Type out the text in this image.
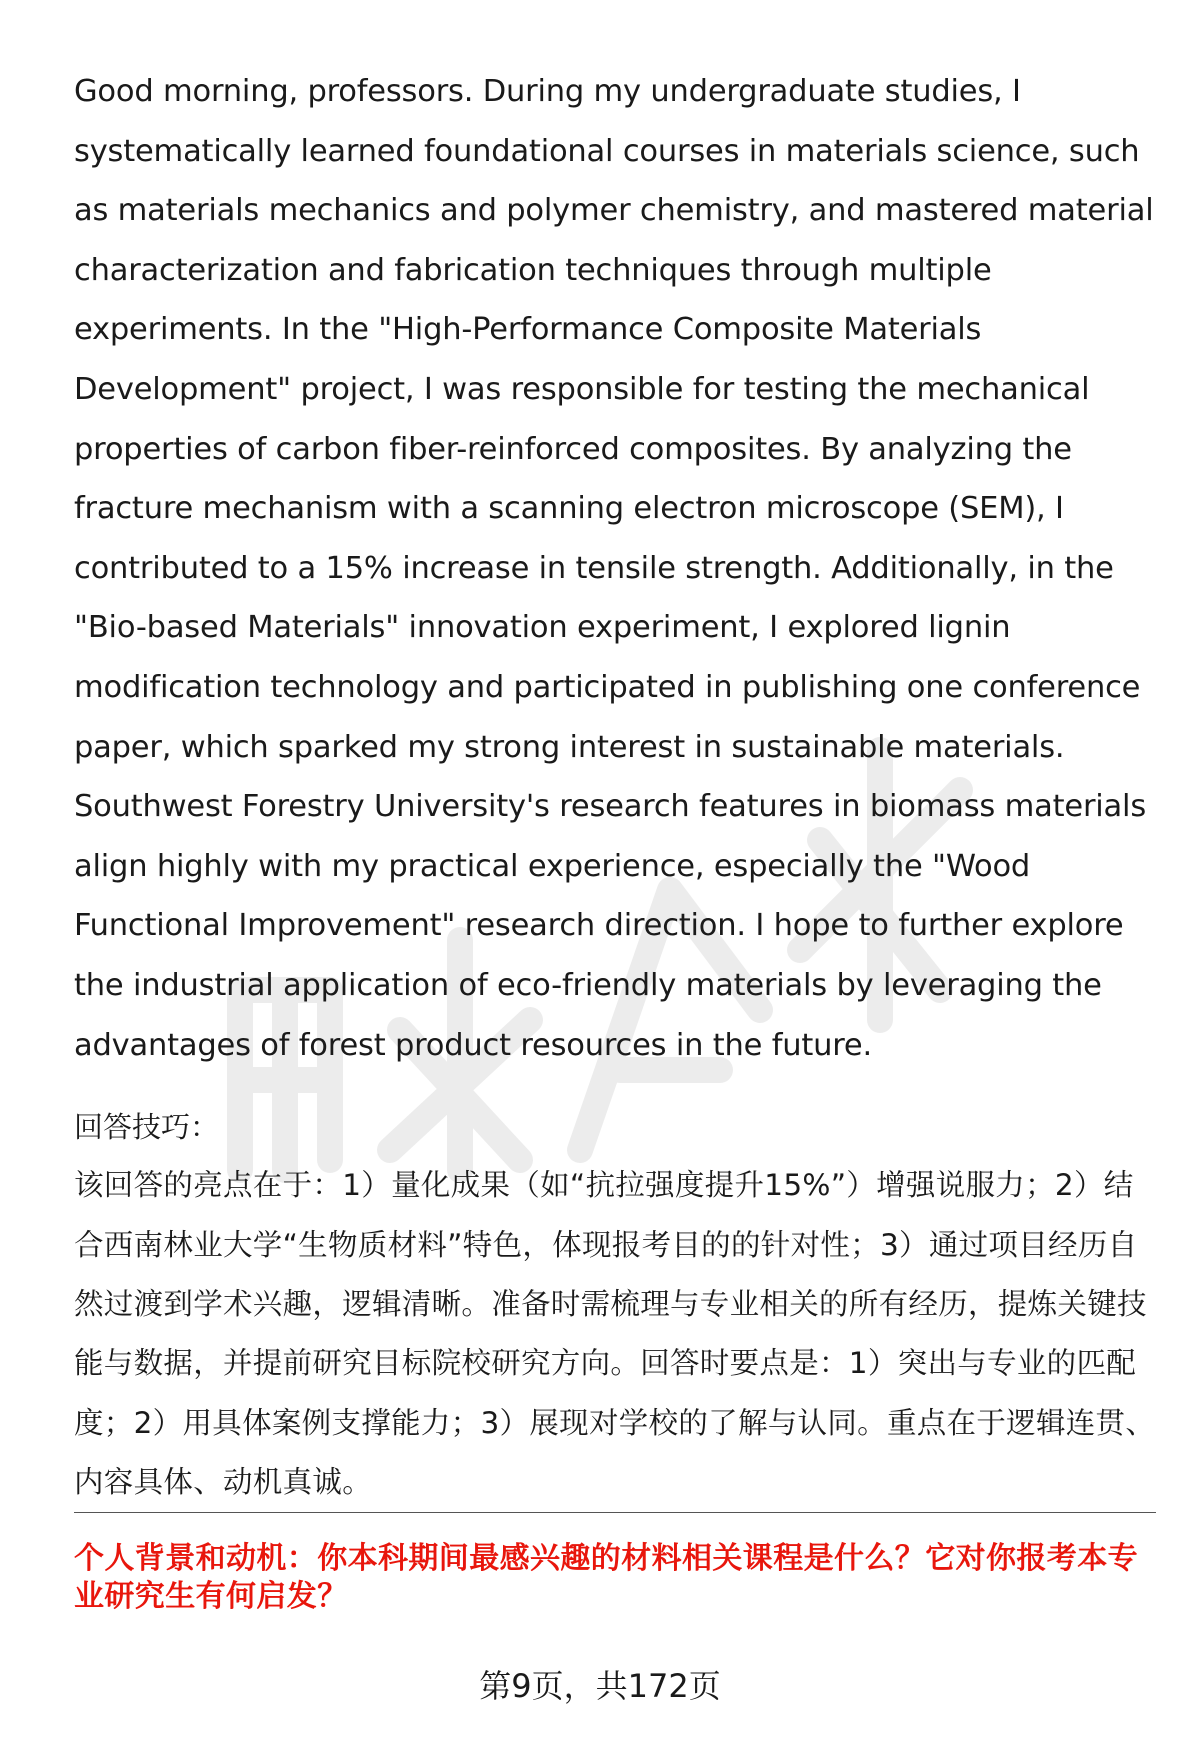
Good morning, professors. During my undergraduate studies, I systematically learned foundational courses in materials science, such as materials mechanics and polymer chemistry, and mastered material characterization and fabrication techniques through multiple experiments. In the "High-Performance Composite Materials Development" project, I was responsible for testing the mechanical properties of carbon fiber-reinforced composites. By analyzing the fracture mechanism with a scanning electron microscope (SEM), I contributed to a 15% increase in tensile strength. Additionally, in the "Bio-based Materials" innovation experiment, I explored lignin modification technology and participated in publishing one conference paper, which sparked my strong interest in sustainable materials. Southwest Forestry University's research features in biomass materials align highly with my practical experience, especially the "Wood Functional Improvement" research direction. I hope to further explore the industrial application of eco-friendly materials by leveraging the advantages of forest product resources in the future.

回答技巧：

该回答的亮点在于：1）量化成果（如“抗拉强度提升15%”）增强说服力；2）结合西南林业大学“生物质材料”特色，体现报考目的的针对性；3）通过项目经历自然过渡到学术兴趣，逻辑清晰。准备时需梳理与专业相关的所有经历，提炼关键技能与数据，并提前研究目标院校研究方向。回答时要点是：1）突出与专业的匹配度；2）用具体案例支撑能力；3）展现对学校的了解与认同。重点在于逻辑连贯、内容具体、动机真诚。

个人背景和动机：你本科期间最感兴趣的材料相关课程是什么？它对你报考本专业研究生有何启发？

第9页，共172页
